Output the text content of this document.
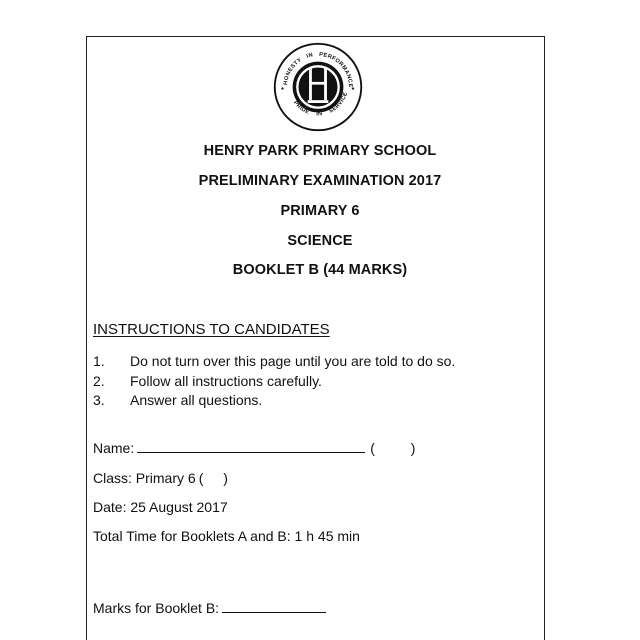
HONESTY IN PERFORMANCE
PRIDE IN SERVICE
★	★
HENRY PARK PRIMARY SCHOOL
PRELIMINARY EXAMINATION 2017
PRIMARY 6
SCIENCE
BOOKLET B (44 MARKS)
INSTRUCTIONS TO CANDIDATES
1. Do not turn over this page until you are told to do so.
2. Follow all instructions carefully.
3. Answer all questions.
Name:	( )
Class: Primary 6 ( )
Date: 25 August 2017
Total Time for Booklets A and B: 1 h 45 min
Marks for Booklet B:
